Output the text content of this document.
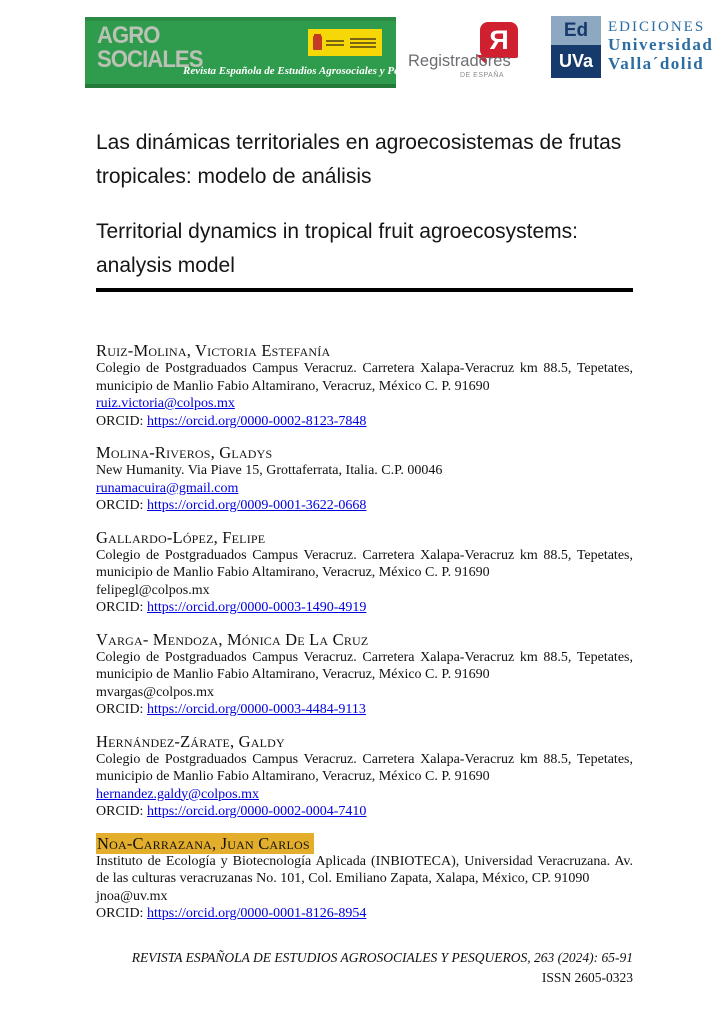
AGRO
SOCIALES
Revista Española de Estudios Agrosociales y Pesqueros
R
Registradores
DE ESPAÑA
Ed
UVa
EDICIONES
Universidad
Valla´dolid
Las dinámicas territoriales en agroecosistemas de frutas tropicales: modelo de análisis
Territorial dynamics in tropical fruit agroecosystems: analysis model
Ruiz-Molina, Victoria Estefanía
Colegio de Postgraduados Campus Veracruz. Carretera Xalapa-Veracruz km 88.5, Tepetates, municipio de Manlio Fabio Altamirano, Veracruz, México C. P. 91690
ruiz.victoria@colpos.mx
ORCID: https://orcid.org/0000-0002-8123-7848
Molina-Riveros, Gladys
New Humanity. Via Piave 15, Grottaferrata, Italia. C.P. 00046
runamacuira@gmail.com
ORCID: https://orcid.org/0009-0001-3622-0668
Gallardo-López, Felipe
Colegio de Postgraduados Campus Veracruz. Carretera Xalapa-Veracruz km 88.5, Tepetates, municipio de Manlio Fabio Altamirano, Veracruz, México C. P. 91690
felipegl@colpos.mx
ORCID: https://orcid.org/0000-0003-1490-4919
Varga- Mendoza, Mónica De La Cruz
Colegio de Postgraduados Campus Veracruz. Carretera Xalapa-Veracruz km 88.5, Tepetates, municipio de Manlio Fabio Altamirano, Veracruz, México C. P. 91690
mvargas@colpos.mx
ORCID: https://orcid.org/0000-0003-4484-9113
Hernández-Zárate, Galdy
Colegio de Postgraduados Campus Veracruz. Carretera Xalapa-Veracruz km 88.5, Tepetates, municipio de Manlio Fabio Altamirano, Veracruz, México C. P. 91690
hernandez.galdy@colpos.mx
ORCID: https://orcid.org/0000-0002-0004-7410
Noa-Carrazana, Juan Carlos
Instituto de Ecología y Biotecnología Aplicada (INBIOTECA), Universidad Veracruzana. Av. de las culturas veracruzanas No. 101, Col. Emiliano Zapata, Xalapa, México, CP. 91090
jnoa@uv.mx
ORCID: https://orcid.org/0000-0001-8126-8954
REVISTA ESPAÑOLA DE ESTUDIOS AGROSOCIALES Y PESQUEROS, 263 (2024): 65-91
ISSN 2605-0323
